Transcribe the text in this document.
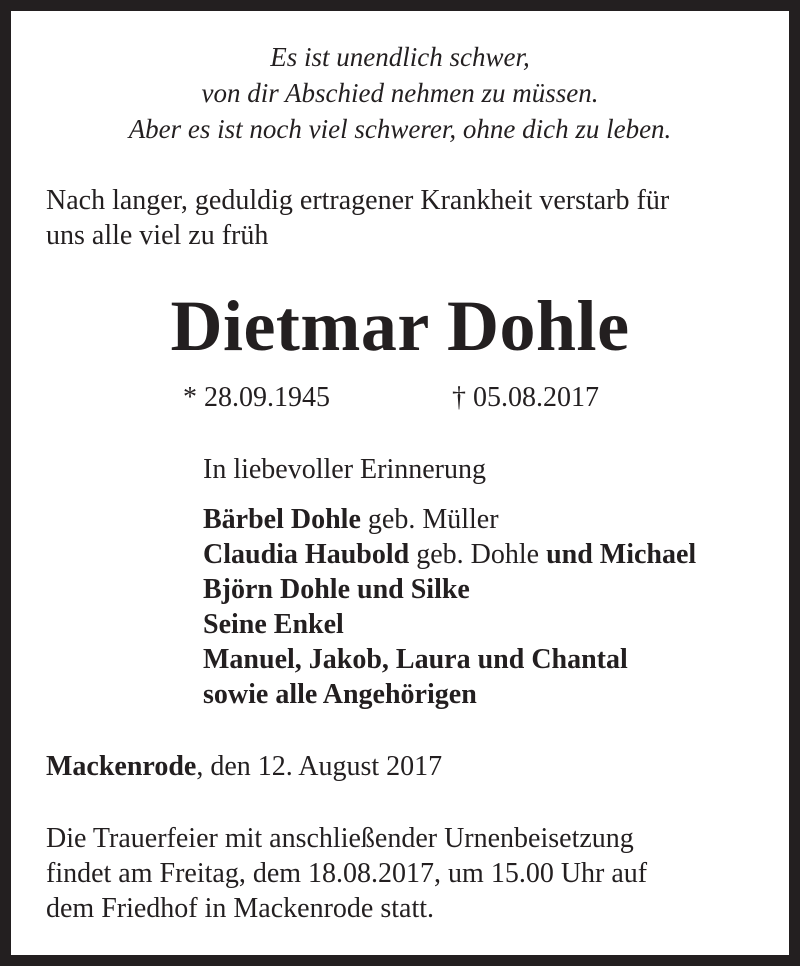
Es ist unendlich schwer,
von dir Abschied nehmen zu müssen.
Aber es ist noch viel schwerer, ohne dich zu leben.
Nach langer, geduldig ertragener Krankheit verstarb für
uns alle viel zu früh
Dietmar Dohle
* 28.09.1945	† 05.08.2017
In liebevoller Erinnerung
Bärbel Dohle geb. Müller
Claudia Haubold geb. Dohle und Michael
Björn Dohle und Silke
Seine Enkel
Manuel, Jakob, Laura und Chantal
sowie alle Angehörigen
Mackenrode, den 12. August 2017
Die Trauerfeier mit anschließender Urnenbeisetzung
findet am Freitag, dem 18.08.2017, um 15.00 Uhr auf
dem Friedhof in Mackenrode statt.
